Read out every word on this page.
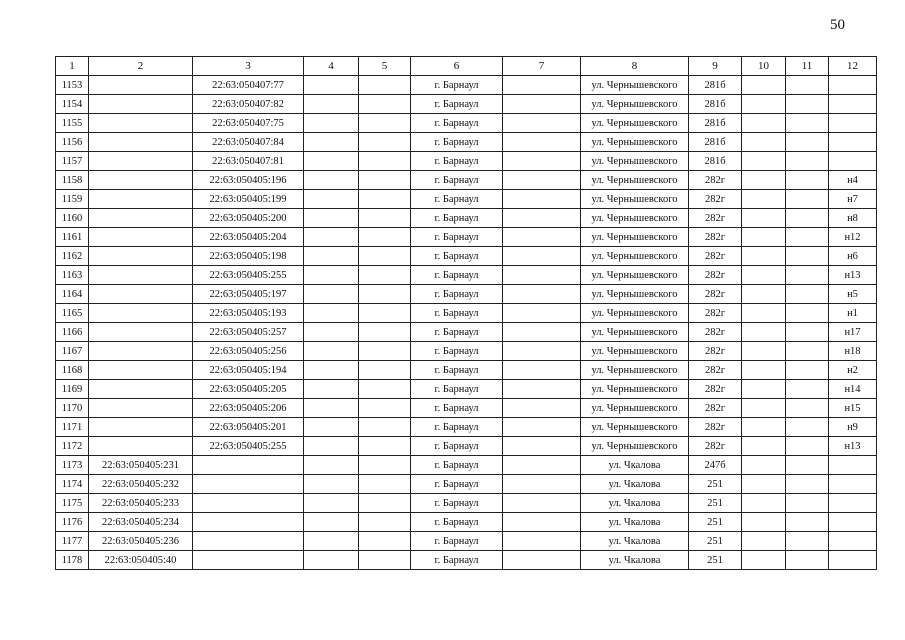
50
1	2	3	4	5	6	7	8	9	10	11	12
1153		22:63:050407:77			г. Барнаул		ул. Чернышевского	281б			
1154		22:63:050407:82			г. Барнаул		ул. Чернышевского	281б			
1155		22:63:050407:75			г. Барнаул		ул. Чернышевского	281б			
1156		22:63:050407:84			г. Барнаул		ул. Чернышевского	281б			
1157		22:63:050407:81			г. Барнаул		ул. Чернышевского	281б			
1158		22:63:050405:196			г. Барнаул		ул. Чернышевского	282г			н4
1159		22:63:050405:199			г. Барнаул		ул. Чернышевского	282г			н7
1160		22:63:050405:200			г. Барнаул		ул. Чернышевского	282г			н8
1161		22:63:050405:204			г. Барнаул		ул. Чернышевского	282г			н12
1162		22:63:050405:198			г. Барнаул		ул. Чернышевского	282г			н6
1163		22:63:050405:255			г. Барнаул		ул. Чернышевского	282г			н13
1164		22:63:050405:197			г. Барнаул		ул. Чернышевского	282г			н5
1165		22:63:050405:193			г. Барнаул		ул. Чернышевского	282г			н1
1166		22:63:050405:257			г. Барнаул		ул. Чернышевского	282г			н17
1167		22:63:050405:256			г. Барнаул		ул. Чернышевского	282г			н18
1168		22:63:050405:194			г. Барнаул		ул. Чернышевского	282г			н2
1169		22:63:050405:205			г. Барнаул		ул. Чернышевского	282г			н14
1170		22:63:050405:206			г. Барнаул		ул. Чернышевского	282г			н15
1171		22:63:050405:201			г. Барнаул		ул. Чернышевского	282г			н9
1172		22:63:050405:255			г. Барнаул		ул. Чернышевского	282г			н13
1173	22:63:050405:231				г. Барнаул		ул. Чкалова	247б			
1174	22:63:050405:232				г. Барнаул		ул. Чкалова	251			
1175	22:63:050405:233				г. Барнаул		ул. Чкалова	251			
1176	22:63:050405:234				г. Барнаул		ул. Чкалова	251			
1177	22:63:050405:236				г. Барнаул		ул. Чкалова	251			
1178	22:63:050405:40				г. Барнаул		ул. Чкалова	251			
